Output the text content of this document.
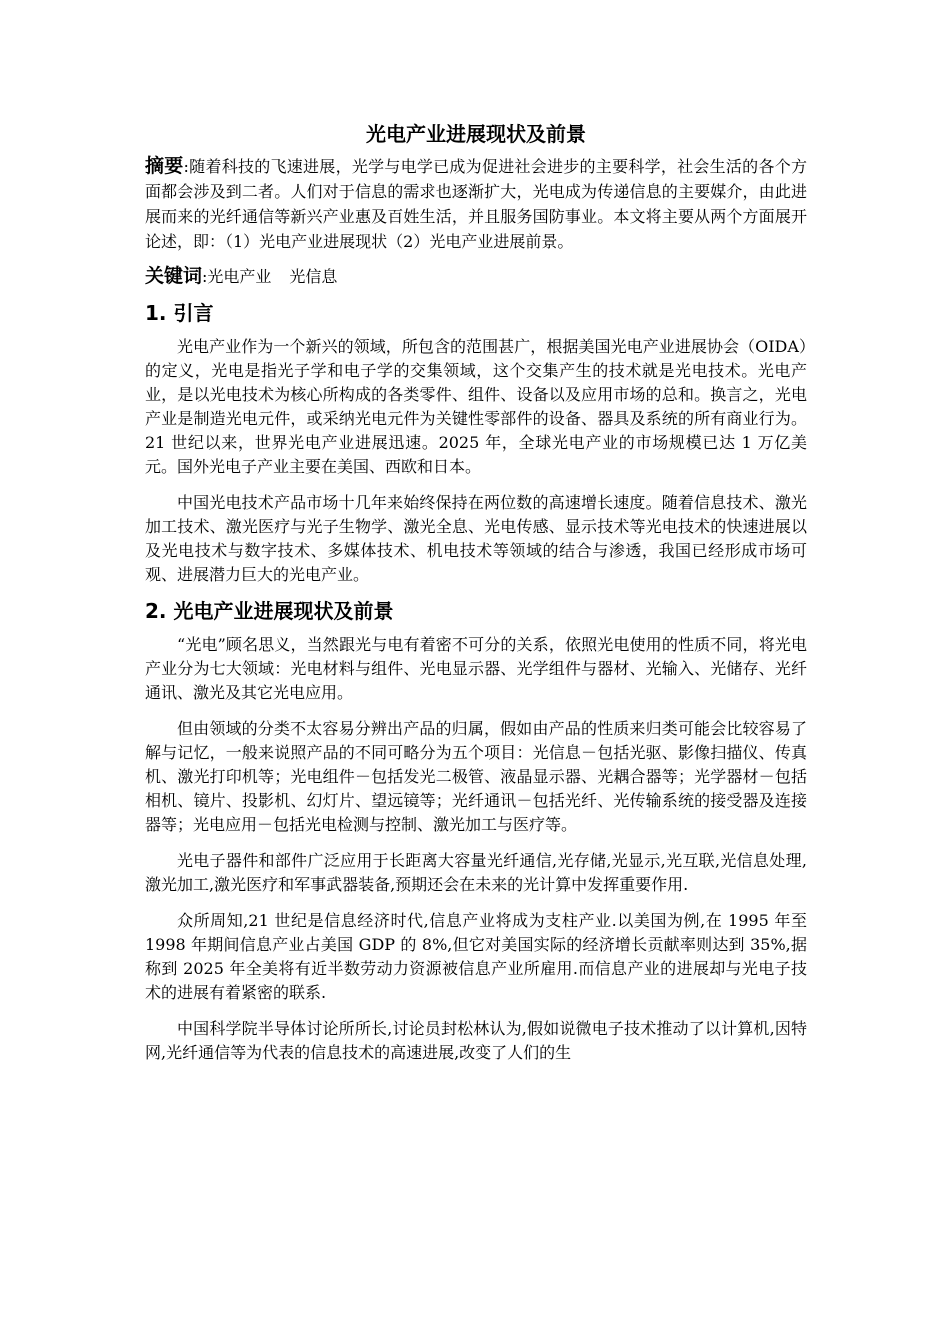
光电产业进展现状及前景

摘要:随着科技的飞速进展，光学与电学已成为促进社会进步的主要科学，社会生活的各个方面都会涉及到二者。人们对于信息的需求也逐渐扩大，光电成为传递信息的主要媒介，由此进展而来的光纤通信等新兴产业惠及百姓生活，并且服务国防事业。本文将主要从两个方面展开论述，即：（1）光电产业进展现状（2）光电产业进展前景。

关键词:光电产业 光信息

1. 引言

光电产业作为一个新兴的领域，所包含的范围甚广，根据美国光电产业进展协会（OIDA）的定义，光电是指光子学和电子学的交集领域，这个交集产生的技术就是光电技术。光电产业，是以光电技术为核心所构成的各类零件、组件、设备以及应用市场的总和。换言之，光电产业是制造光电元件，或采纳光电元件为关键性零部件的设备、器具及系统的所有商业行为。21 世纪以来，世界光电产业进展迅速。2025 年，全球光电产业的市场规模已达 1 万亿美元。国外光电子产业主要在美国、西欧和日本。

中国光电技术产品市场十几年来始终保持在两位数的高速增长速度。随着信息技术、激光加工技术、激光医疗与光子生物学、激光全息、光电传感、显示技术等光电技术的快速进展以及光电技术与数字技术、多媒体技术、机电技术等领域的结合与渗透，我国已经形成市场可观、进展潜力巨大的光电产业。

2. 光电产业进展现状及前景

“光电”顾名思义，当然跟光与电有着密不可分的关系，依照光电使用的性质不同，将光电产业分为七大领域：光电材料与组件、光电显示器、光学组件与器材、光输入、光储存、光纤通讯、激光及其它光电应用。

但由领域的分类不太容易分辨出产品的归属，假如由产品的性质来归类可能会比较容易了解与记忆，一般来说照产品的不同可略分为五个项目：光信息－包括光驱、影像扫描仪、传真机、激光打印机等；光电组件－包括发光二极管、液晶显示器、光耦合器等；光学器材－包括相机、镜片、投影机、幻灯片、望远镜等；光纤通讯－包括光纤、光传输系统的接受器及连接器等；光电应用－包括光电检测与控制、激光加工与医疗等。

光电子器件和部件广泛应用于长距离大容量光纤通信,光存储,光显示,光互联,光信息处理,激光加工,激光医疗和军事武器装备,预期还会在未来的光计算中发挥重要作用.

众所周知,21 世纪是信息经济时代,信息产业将成为支柱产业.以美国为例,在 1995 年至 1998 年期间信息产业占美国 GDP 的 8%,但它对美国实际的经济增长贡献率则达到 35%,据称到 2025 年全美将有近半数劳动力资源被信息产业所雇用.而信息产业的进展却与光电子技术的进展有着紧密的联系.

中国科学院半导体讨论所所长,讨论员封松林认为,假如说微电子技术推动了以计算机,因特网,光纤通信等为代表的信息技术的高速进展,改变了人们的生
